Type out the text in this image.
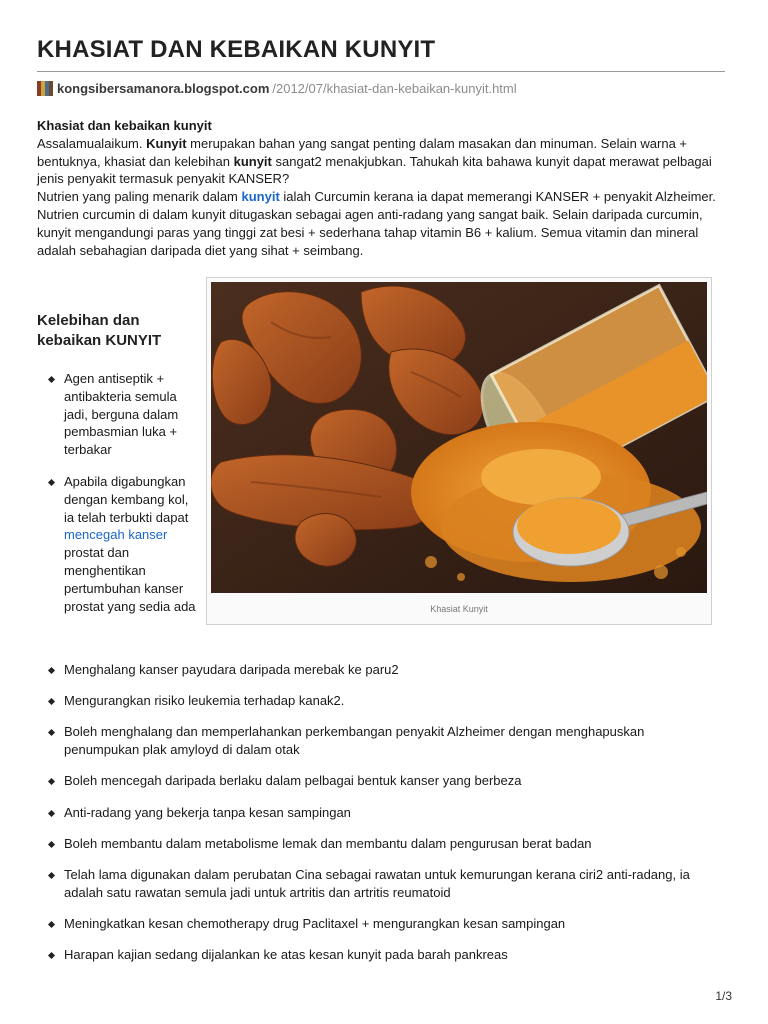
KHASIAT DAN KEBAIKAN KUNYIT
kongsibersamanora.blogspot.com /2012/07/khasiat-dan-kebaikan-kunyit.html

Khasiat dan kebaikan kunyit

Assalamualaikum. Kunyit merupakan bahan yang sangat penting dalam masakan dan minuman. Selain warna + bentuknya, khasiat dan kelebihan kunyit sangat2 menakjubkan. Tahukah kita bahawa kunyit dapat merawat pelbagai jenis penyakit termasuk penyakit KANSER?

Nutrien yang paling menarik dalam kunyit ialah Curcumin kerana ia dapat memerangi KANSER + penyakit Alzheimer. Nutrien curcumin di dalam kunyit ditugaskan sebagai agen anti-radang yang sangat baik. Selain daripada curcumin, kunyit mengandungi paras yang tinggi zat besi + sederhana tahap vitamin B6 + kalium. Semua vitamin dan mineral adalah sebahagian daripada diet yang sihat + seimbang.

Kelebihan dan kebaikan KUNYIT
authoritynutrition.com
Khasiat Kunyit
Agen antiseptik + antibakteria semula jadi, berguna dalam pembasmian luka + terbakar
Apabila digabungkan dengan kembang kol, ia telah terbukti dapat mencegah kanser prostat dan menghentikan pertumbuhan kanser prostat yang sedia ada
Menghalang kanser payudara daripada merebak ke paru2
Mengurangkan risiko leukemia terhadap kanak2.
Boleh menghalang dan memperlahankan perkembangan penyakit Alzheimer dengan menghapuskan penumpukan plak amyloyd di dalam otak
Boleh mencegah daripada berlaku dalam pelbagai bentuk kanser yang berbeza
Anti-radang yang bekerja tanpa kesan sampingan
Boleh membantu dalam metabolisme lemak dan membantu dalam pengurusan berat badan
Telah lama digunakan dalam perubatan Cina sebagai rawatan untuk kemurungan kerana ciri2 anti-radang, ia adalah satu rawatan semula jadi untuk artritis dan artritis reumatoid
Meningkatkan kesan chemotherapy drug Paclitaxel + mengurangkan kesan sampingan
Harapan kajian sedang dijalankan ke atas kesan kunyit pada barah pankreas
1/3
